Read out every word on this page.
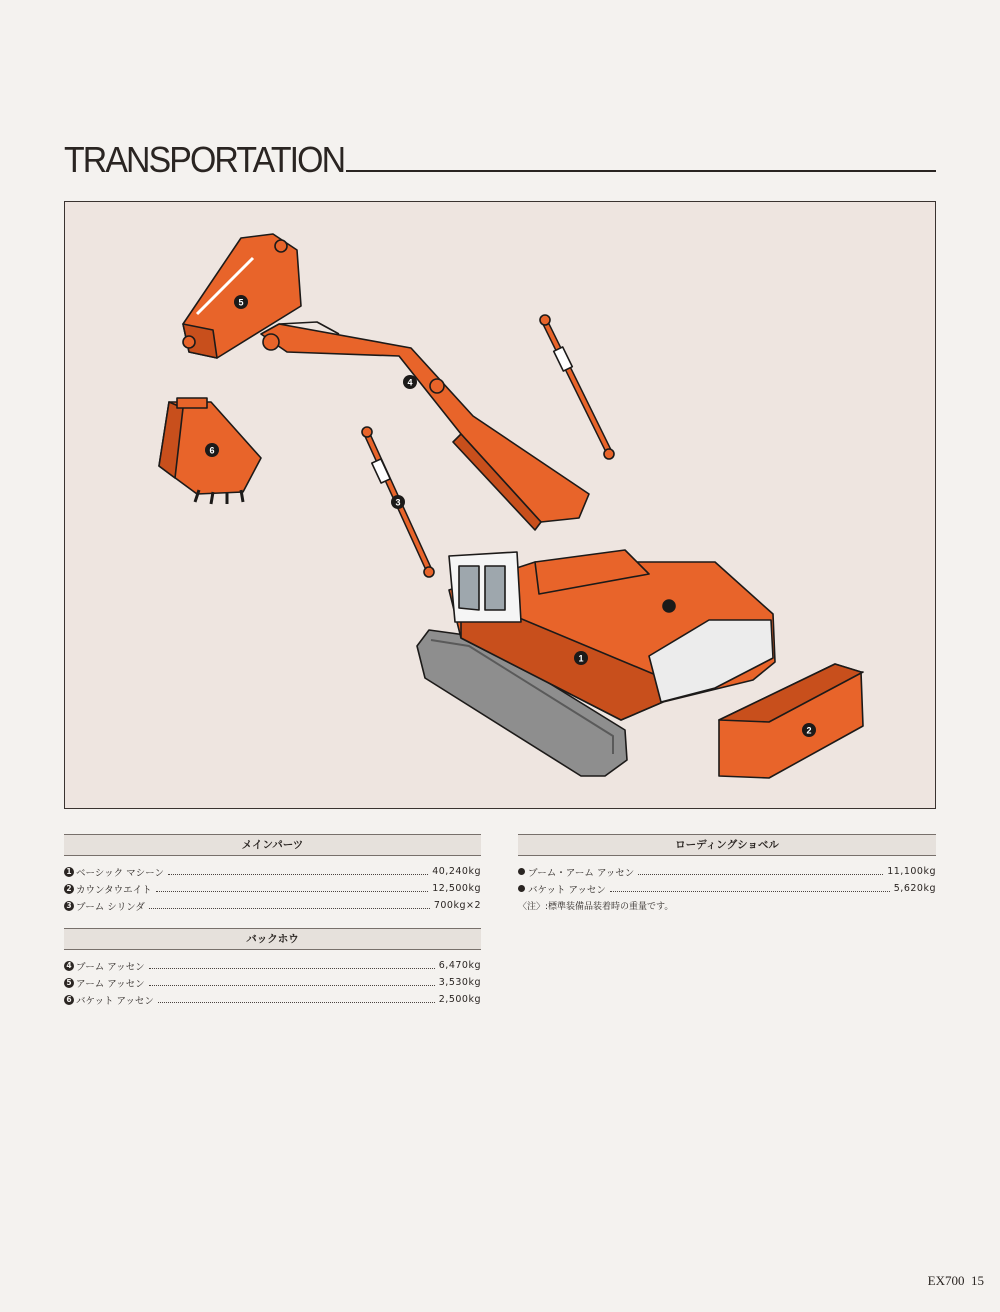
TRANSPORTATION
1
2
3
4
5
6
メインパーツ
1 ベーシック マシーン	40,240kg
2 カウンタウエイト	12,500kg
3 ブーム シリンダ	700kg×2
バックホウ
4 ブーム アッセン	6,470kg
5 アーム アッセン	3,530kg
6 バケット アッセン	2,500kg
ローディングショベル
ブーム・アーム アッセン	11,100kg
バケット アッセン	5,620kg
〈注〉:標準装備品装着時の重量です。
EX700 15
